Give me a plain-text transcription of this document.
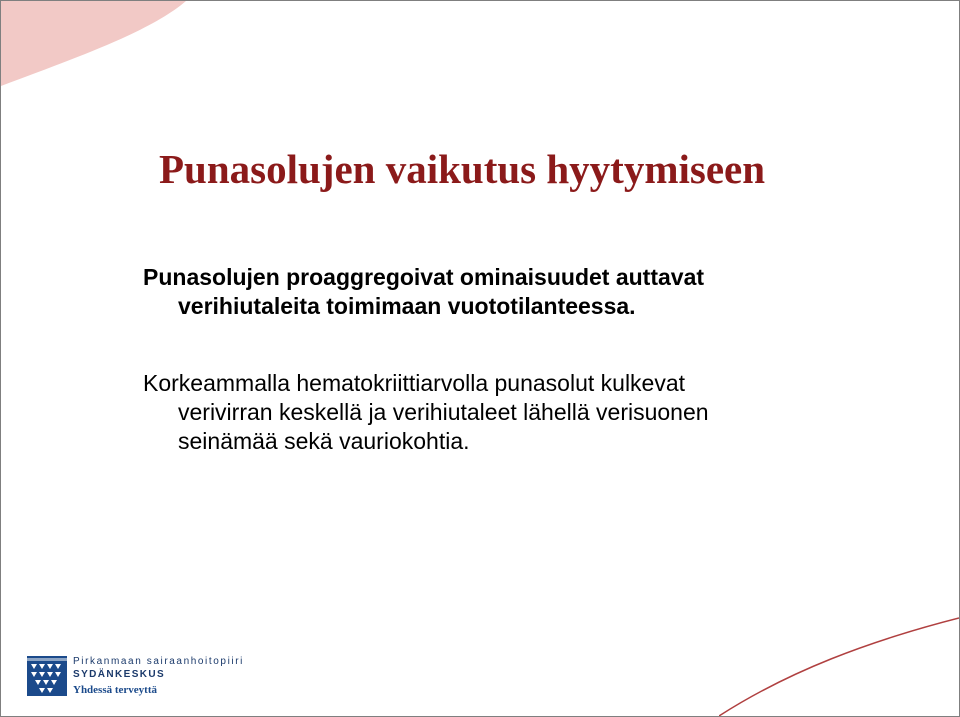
Punasolujen vaikutus hyytymiseen

Punasolujen proaggregoivat ominaisuudet auttavat
verihiutaleita toimimaan vuototilanteessa.

Korkeammalla hematokriittiarvolla punasolut kulkevat
verivirran keskellä ja verihiutaleet lähellä verisuonen
seinämää sekä vauriokohtia.

Pirkanmaan sairaanhoitopiiri
SYDÄNKESKUS
Yhdessä terveyttä
